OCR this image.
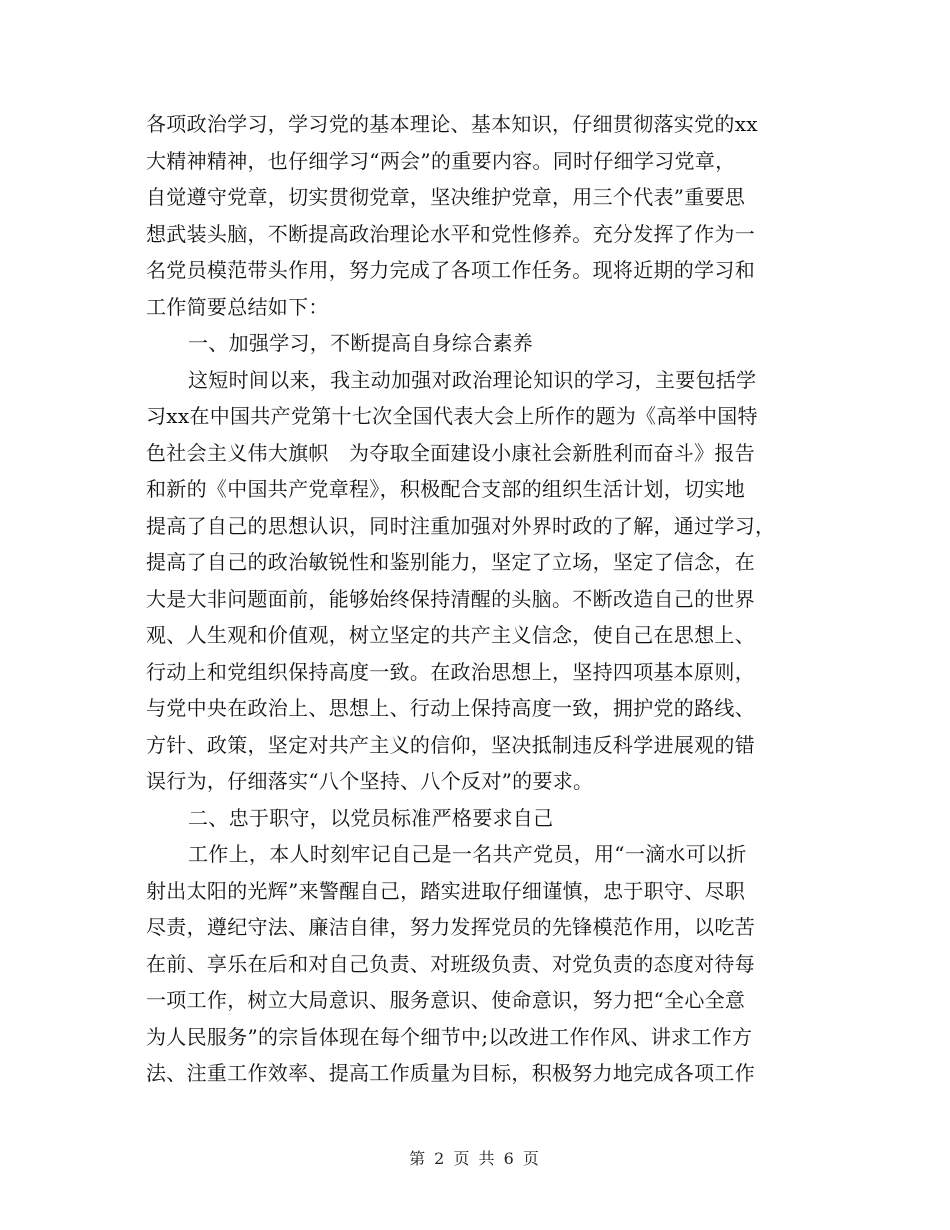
各项政治学习，学习党的基本理论、基本知识，仔细贯彻落实党的xx
大精神精神，也仔细学习“两会”的重要内容。同时仔细学习党章，
自觉遵守党章，切实贯彻党章，坚决维护党章，用三个代表”重要思
想武装头脑，不断提高政治理论水平和党性修养。充分发挥了作为一
名党员模范带头作用，努力完成了各项工作任务。现将近期的学习和
工作简要总结如下：
一、加强学习，不断提高自身综合素养
这短时间以来，我主动加强对政治理论知识的学习，主要包括学
习xx在中国共产党第十七次全国代表大会上所作的题为《高举中国特
色社会主义伟大旗帜　为夺取全面建设小康社会新胜利而奋斗》报告
和新的《中国共产党章程》，积极配合支部的组织生活计划，切实地
提高了自己的思想认识，同时注重加强对外界时政的了解，通过学习，
提高了自己的政治敏锐性和鉴别能力，坚定了立场，坚定了信念，在
大是大非问题面前，能够始终保持清醒的头脑。不断改造自己的世界
观、人生观和价值观，树立坚定的共产主义信念，使自己在思想上、
行动上和党组织保持高度一致。在政治思想上，坚持四项基本原则，
与党中央在政治上、思想上、行动上保持高度一致，拥护党的路线、
方针、政策，坚定对共产主义的信仰，坚决抵制违反科学进展观的错
误行为，仔细落实“八个坚持、八个反对”的要求。
二、忠于职守，以党员标准严格要求自己
工作上，本人时刻牢记自己是一名共产党员，用“一滴水可以折
射出太阳的光辉”来警醒自己，踏实进取仔细谨慎，忠于职守、尽职
尽责，遵纪守法、廉洁自律，努力发挥党员的先锋模范作用，以吃苦
在前、享乐在后和对自己负责、对班级负责、对党负责的态度对待每
一项工作，树立大局意识、服务意识、使命意识，努力把“全心全意
为人民服务”的宗旨体现在每个细节中;以改进工作作风、讲求工作方
法、注重工作效率、提高工作质量为目标，积极努力地完成各项工作
第 2 页 共 6 页
